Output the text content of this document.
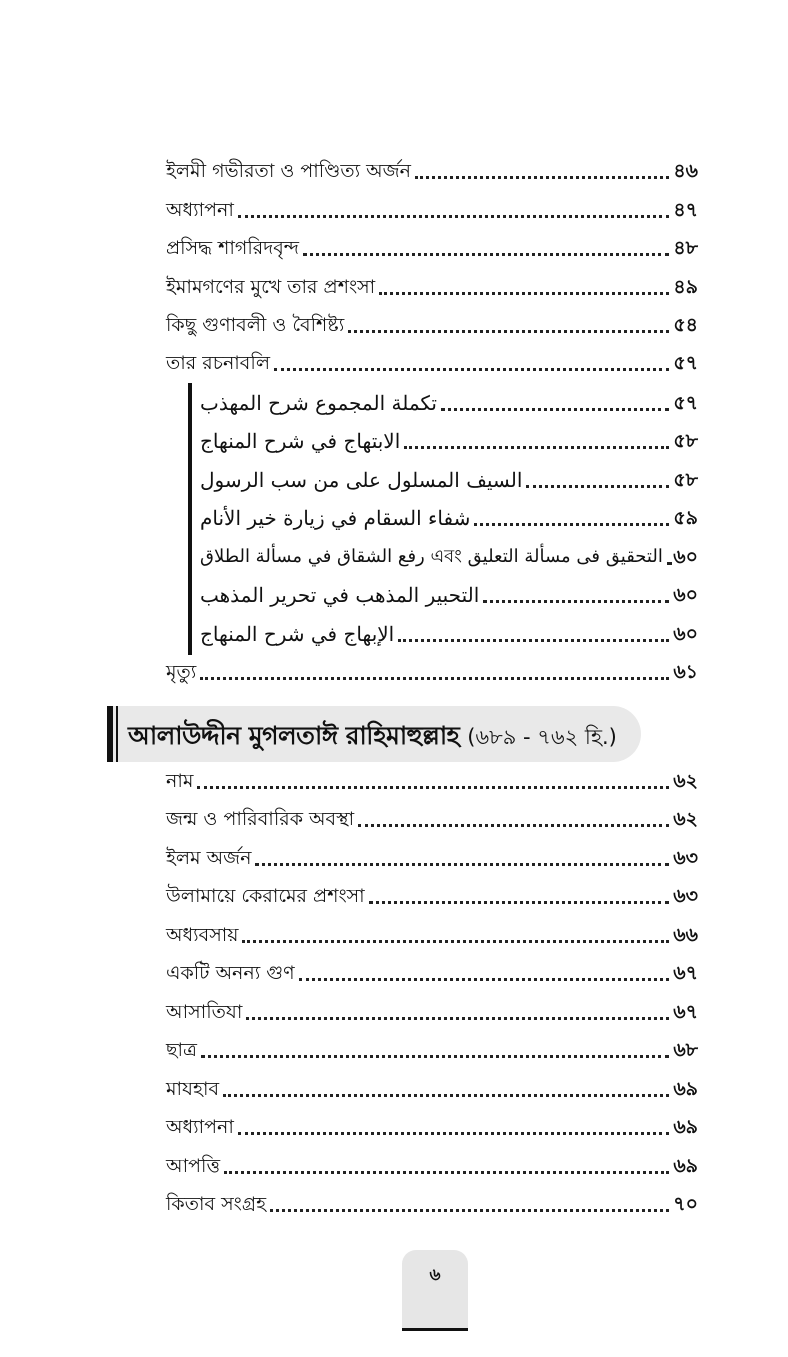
ইলমী গভীরতা ও পাণ্ডিত্য অর্জন	৪৬
অধ্যাপনা	৪৭
প্রসিদ্ধ শাগরিদবৃন্দ	৪৮
ইমামগণের মুখে তার প্রশংসা	৪৯
কিছু গুণাবলী ও বৈশিষ্ট্য	৫৪
তার রচনাবলি	৫৭
تكملة المجموع شرح المهذب	৫৭
الابتهاج في شرح المنهاج	৫৮
السيف المسلول على من سب الرسول	৫৮
شفاء السقام في زيارة خير الأنام	৫৯
التحقيق فى مسألة التعليق এবং رفع الشقاق في مسألة الطلاق ৬০
التحبير المذهب في تحرير المذهب	৬০
الإبهاج في شرح المنهاج	৬০
মৃত্যু	৬১
আলাউদ্দীন মুগলতাঈ রাহিমাহুল্লাহ (৬৮৯ - ৭৬২ হি.)
নাম	৬২
জন্ম ও পারিবারিক অবস্থা	৬২
ইলম অর্জন	৬৩
উলামায়ে কেরামের প্রশংসা	৬৩
অধ্যবসায়	৬৬
একটি অনন্য গুণ	৬৭
আসাতিযা	৬৭
ছাত্র	৬৮
মাযহাব	৬৯
অধ্যাপনা	৬৯
আপত্তি	৬৯
কিতাব সংগ্রহ	৭০
৬
